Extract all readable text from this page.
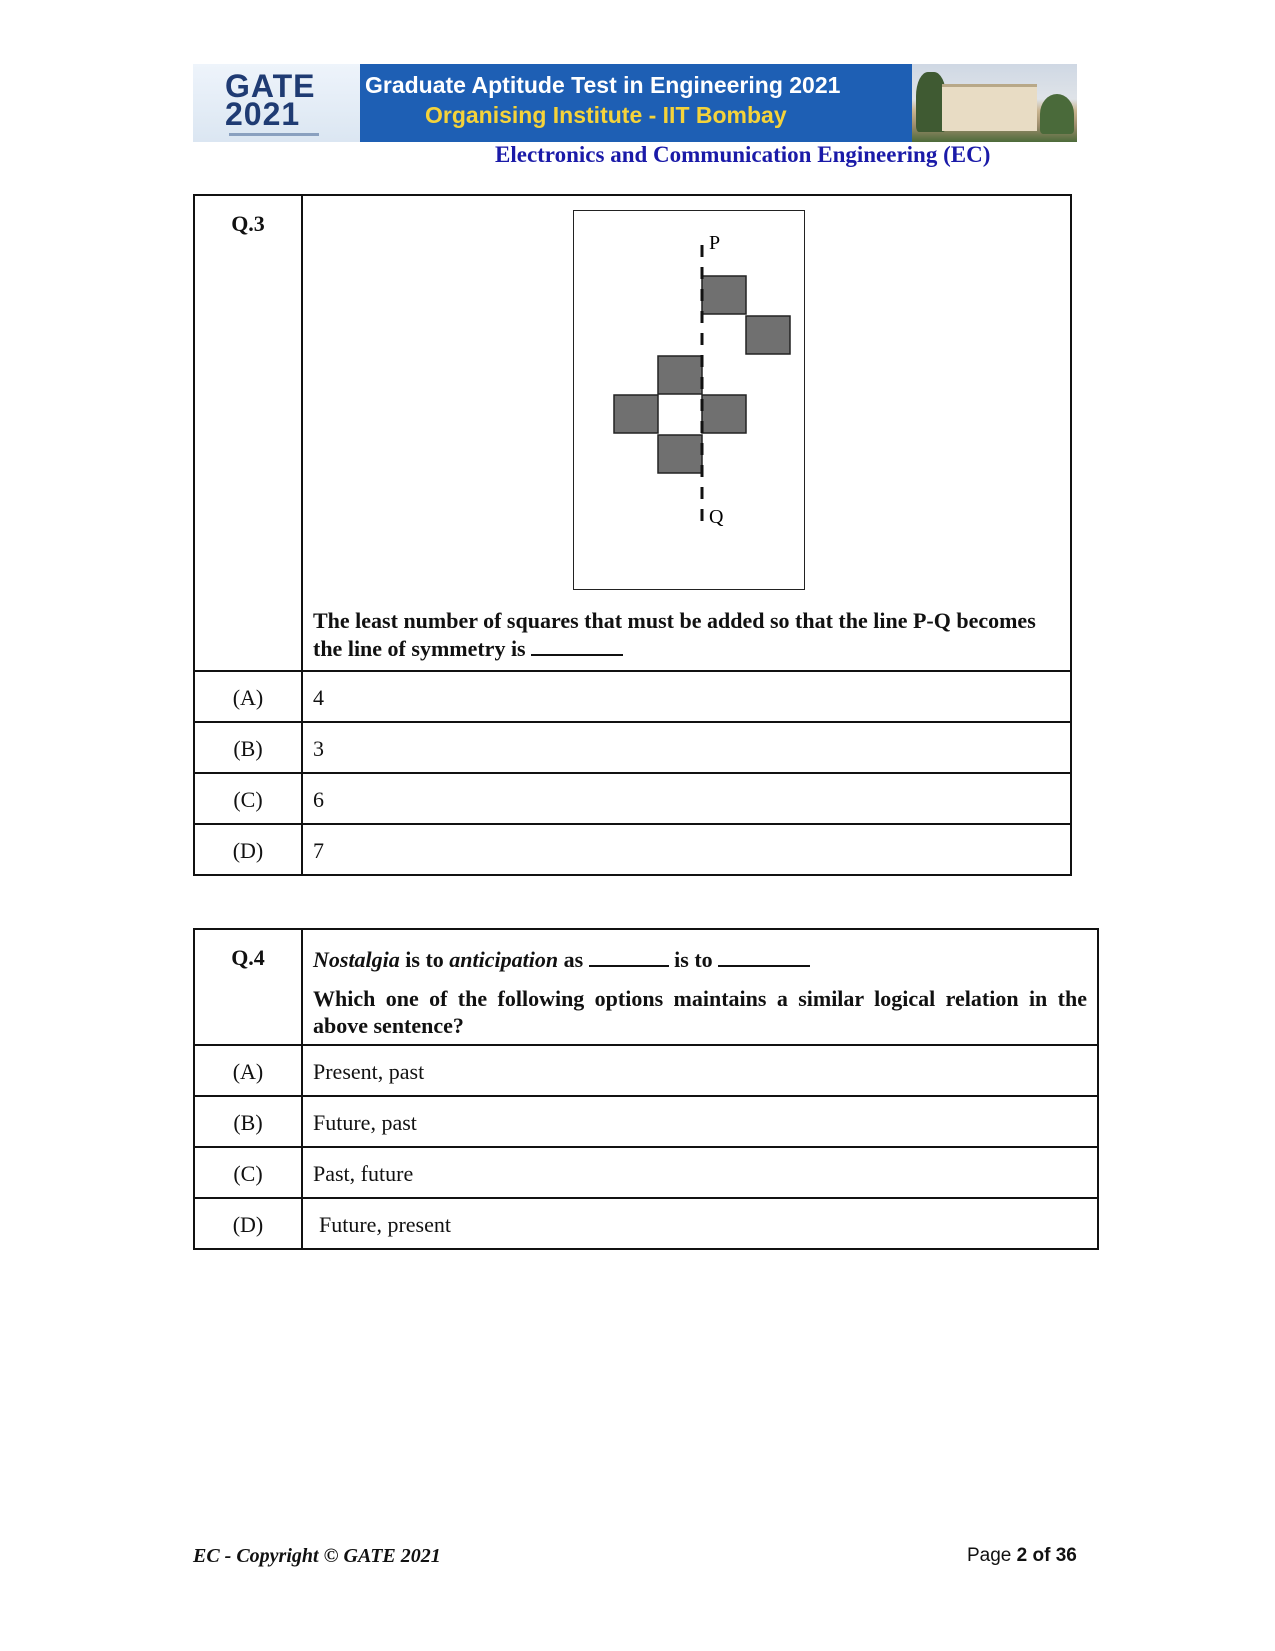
GATE
2021
Graduate Aptitude Test in Engineering 2021
Organising Institute - IIT Bombay
Electronics and Communication Engineering (EC)
Q.3	P
Q
The least number of squares that must be added so that the line P-Q becomes the line of symmetry is

(A)	4

(B)	3

(C)	6

(D)	7
Q.4	Nostalgia is to anticipation as is to
Which one of the following options maintains a similar logical relation in the above sentence?

(A)	Present, past

(B)	Future, past

(C)	Past, future

(D)	Future, present
EC - Copyright © GATE 2021	Page 2 of 36
